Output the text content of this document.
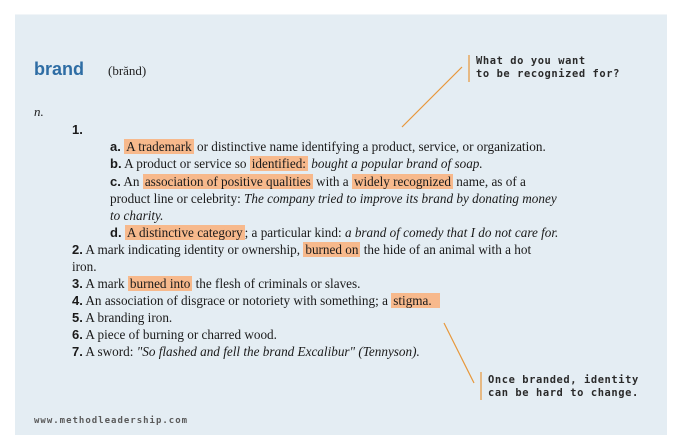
brand (brănd)
n.
1.
a. A trademark or distinctive name identifying a product, service, or organization.
b. A product or service so identified: bought a popular brand of soap.
c. An association of positive qualities with a widely recognized name, as of a
product line or celebrity: The company tried to improve its brand by donating money
to charity.
d. A distinctive category ; a particular kind: a brand of comedy that I do not care for.
2. A mark indicating identity or ownership, burned on the hide of an animal with a hot
iron.
3. A mark burned into the flesh of criminals or slaves.
4. An association of disgrace or notoriety with something; a stigma.
5. A branding iron.
6. A piece of burning or charred wood.
7. A sword: "So flashed and fell the brand Excalibur" (Tennyson).
What do you want
to be recognized for?
Once branded, identity
can be hard to change.
www.methodleadership.com
